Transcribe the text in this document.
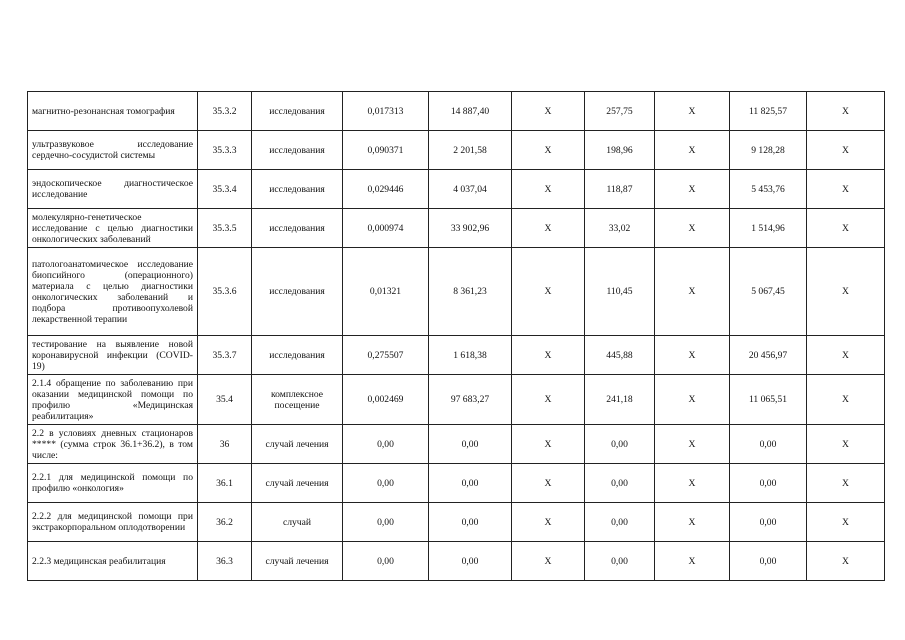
магнитно-резонансная томография	35.3.2	исследования	0,017313	14 887,40	Х	257,75	Х	11 825,57	Х
ультразвуковое исследование сердечно-сосудистой системы	35.3.3	исследования	0,090371	2 201,58	Х	198,96	Х	9 128,28	Х
эндоскопическое диагностическое исследование	35.3.4	исследования	0,029446	4 037,04	Х	118,87	Х	5 453,76	Х
молекулярно-генетическое исследование с целью диагностики онкологических заболеваний	35.3.5	исследования	0,000974	33 902,96	Х	33,02	Х	1 514,96	Х
патологоанатомическое исследование биопсийного (операционного) материала с целью диагностики онкологических заболеваний и подбора противоопухолевой лекарственной терапии	35.3.6	исследования	0,01321	8 361,23	Х	110,45	Х	5 067,45	Х
тестирование на выявление новой коронавирусной инфекции (COVID-19)	35.3.7	исследования	0,275507	1 618,38	Х	445,88	Х	20 456,97	Х
2.1.4 обращение по заболеванию при оказании медицинской помощи по профилю «Медицинская реабилитация»	35.4	комплексное посещение	0,002469	97 683,27	Х	241,18	Х	11 065,51	Х
2.2 в условиях дневных стационаров ***** (сумма строк 36.1+36.2), в том числе:	36	случай лечения	0,00	0,00	Х	0,00	Х	0,00	Х
2.2.1 для медицинской помощи по профилю «онкология»	36.1	случай лечения	0,00	0,00	Х	0,00	Х	0,00	Х
2.2.2 для медицинской помощи при экстракорпоральном оплодотворении	36.2	случай	0,00	0,00	Х	0,00	Х	0,00	Х
2.2.3 медицинская реабилитация	36.3	случай лечения	0,00	0,00	Х	0,00	Х	0,00	Х
